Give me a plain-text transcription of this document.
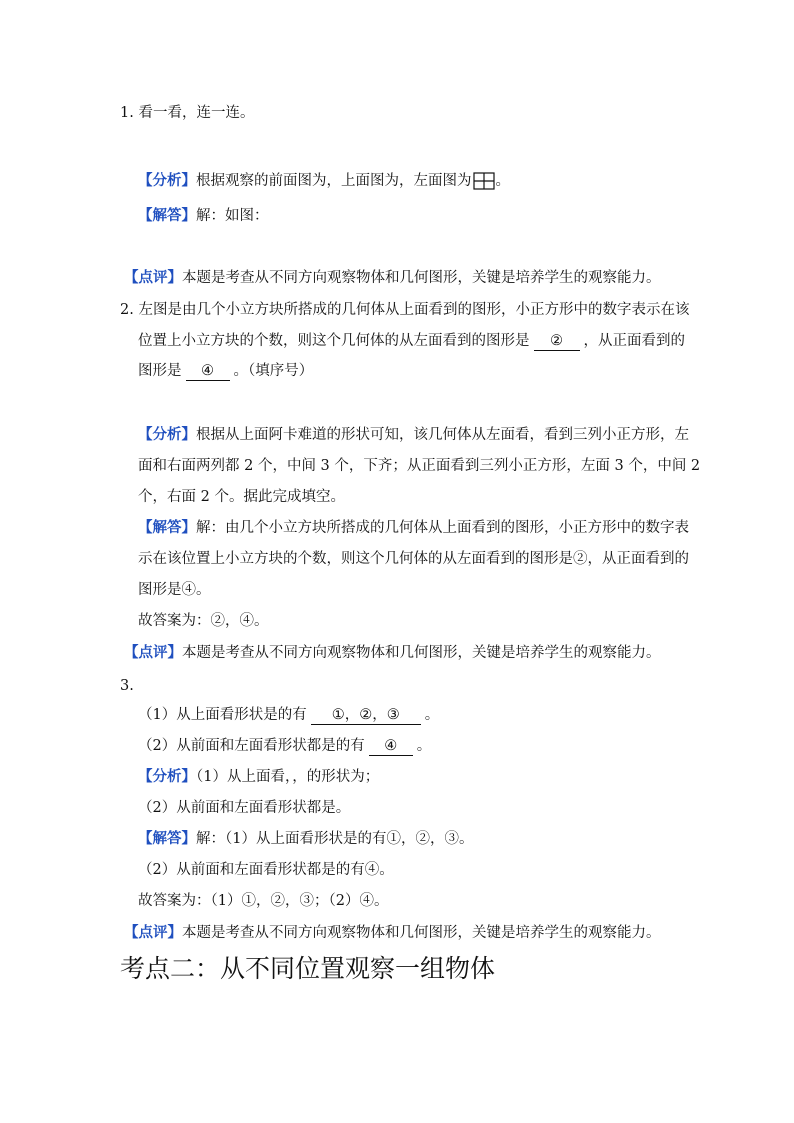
1. 看一看，连一连。
【分析】根据观察的前面图为，上面图为，左面图为 。
【解答】解：如图：
【点评】本题是考查从不同方向观察物体和几何图形，关键是培养学生的观察能力。
2. 左图是由几个小立方块所搭成的几何体从上面看到的图形，小正方形中的数字表示在该
位置上小立方块的个数，则这个几何体的从左面看到的图形是 ② ，从正面看到的
图形是 ④ 。（填序号）
【分析】根据从上面阿卡难道的形状可知，该几何体从左面看，看到三列小正方形，左
面和右面两列都 2 个，中间 3 个，下齐；从正面看到三列小正方形，左面 3 个，中间 2
个，右面 2 个。据此完成填空。
【解答】解：由几个小立方块所搭成的几何体从上面看到的图形，小正方形中的数字表
示在该位置上小立方块的个数，则这个几何体的从左面看到的图形是②，从正面看到的
图形是④。
故答案为：②，④。
【点评】本题是考查从不同方向观察物体和几何图形，关键是培养学生的观察能力。
3.
（1）从上面看形状是的有 ①，②，③ 。
（2）从前面和左面看形状都是的有 ④ 。
【分析】（1）从上面看，，的形状为；
（2）从前面和左面看形状都是。
【解答】解：（1）从上面看形状是的有①，②，③。
（2）从前面和左面看形状都是的有④。
故答案为：（1）①，②，③；（2）④。
【点评】本题是考查从不同方向观察物体和几何图形，关键是培养学生的观察能力。
考点二：从不同位置观察一组物体
